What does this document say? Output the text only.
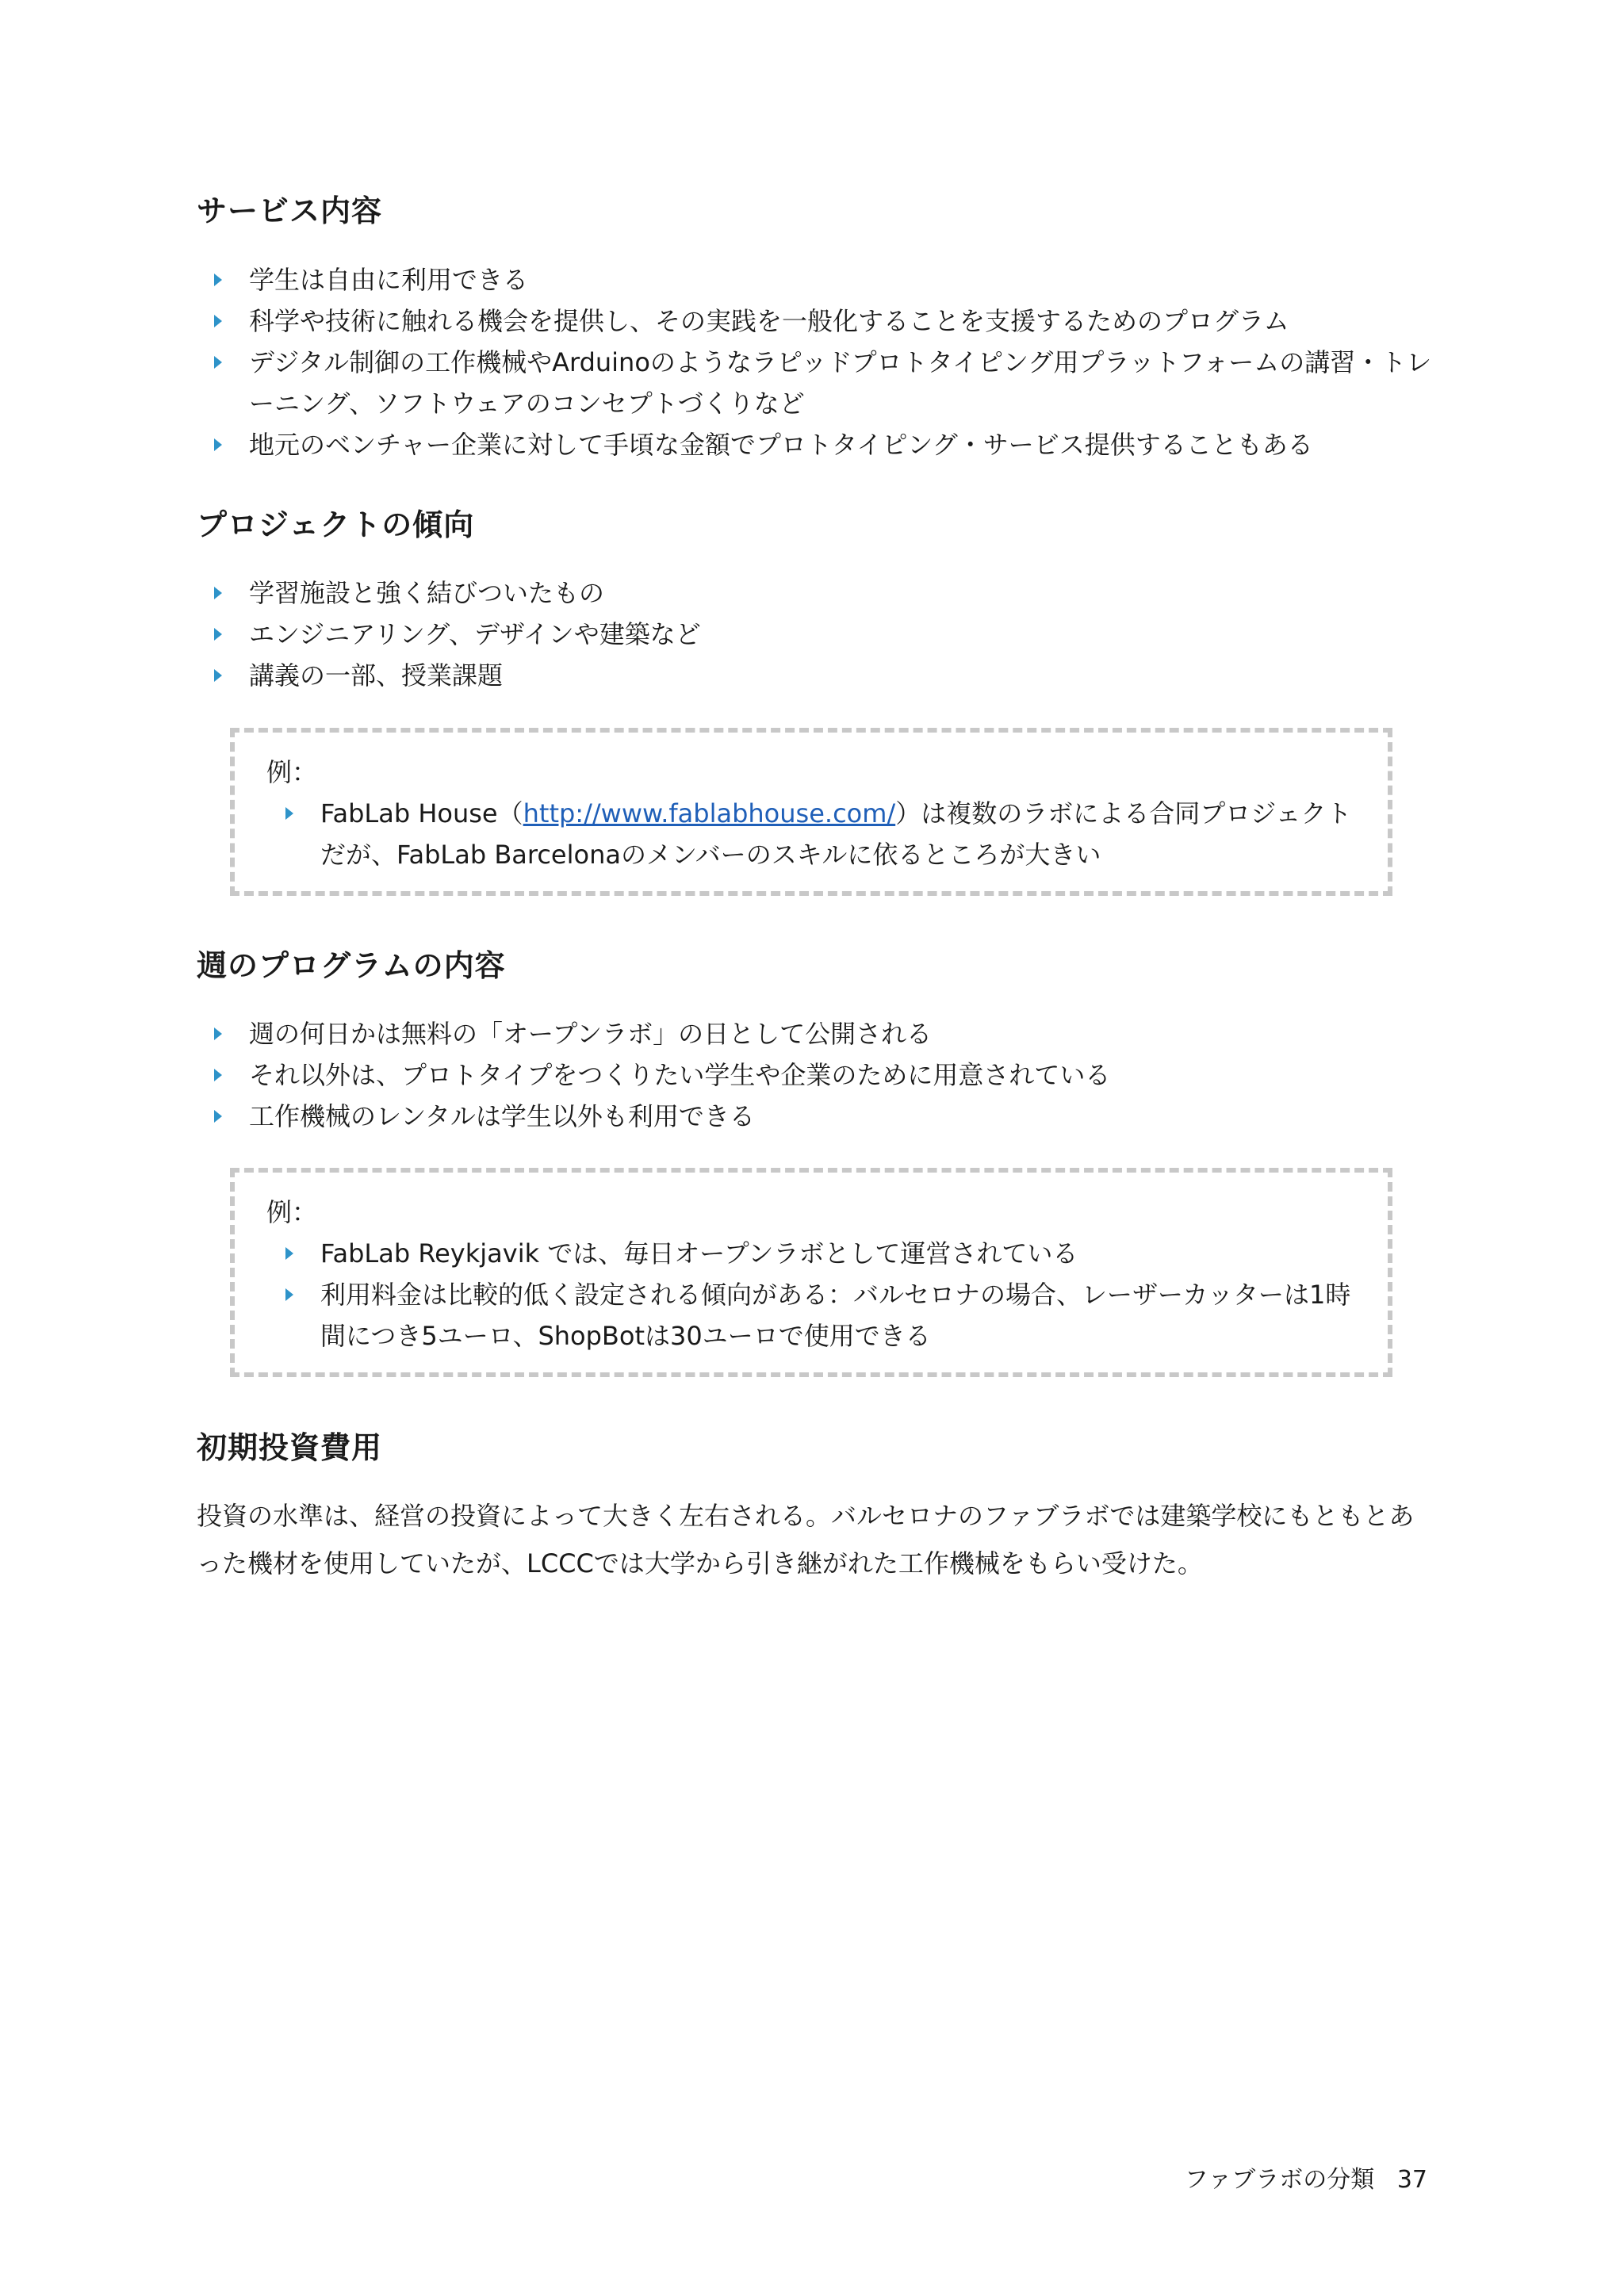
サービス内容
学生は自由に利用できる
科学や技術に触れる機会を提供し、その実践を一般化することを支援するためのプログラム
デジタル制御の工作機械やArduinoのようなラピッドプロトタイピング用プラットフォームの講習・トレーニング、ソフトウェアのコンセプトづくりなど
地元のベンチャー企業に対して手頃な金額でプロトタイピング・サービス提供することもある
プロジェクトの傾向
学習施設と強く結びついたもの
エンジニアリング、デザインや建築など
講義の一部、授業課題
例：
FabLab House（http://www.fablabhouse.com/）は複数のラボによる合同プロジェクトだが、FabLab Barcelonaのメンバーのスキルに依るところが大きい
週のプログラムの内容
週の何日かは無料の「オープンラボ」の日として公開される
それ以外は、プロトタイプをつくりたい学生や企業のために用意されている
工作機械のレンタルは学生以外も利用できる
例：
FabLab Reykjavik では、毎日オープンラボとして運営されている
利用料金は比較的低く設定される傾向がある：バルセロナの場合、レーザーカッターは1時間につき5ユーロ、ShopBotは30ユーロで使用できる
初期投資費用

投資の水準は、経営の投資によって大きく左右される。バルセロナのファブラボでは建築学校にもともとあった機材を使用していたが、LCCCでは大学から引き継がれた工作機械をもらい受けた。

ファブラボの分類 37
